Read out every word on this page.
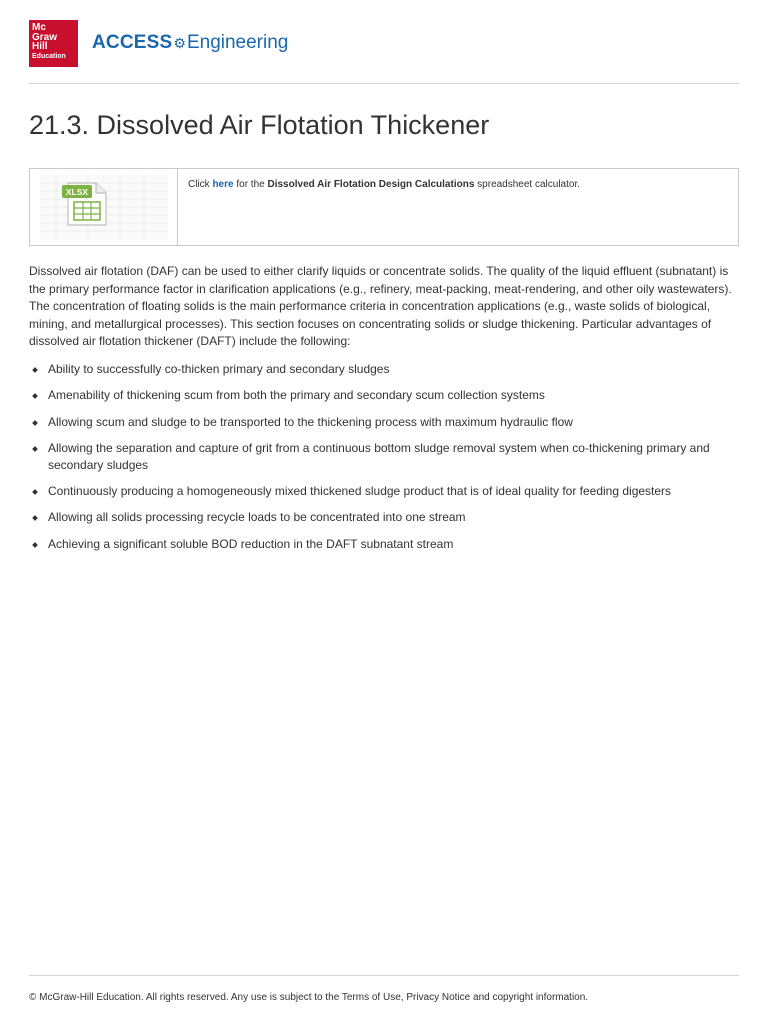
Mc
Graw
Hill
Education
ACCESS⚙Engineering
21.3. Dissolved Air Flotation Thickener
XLSX
Click here for the Dissolved Air Flotation Design Calculations spreadsheet calculator.

Dissolved air flotation (DAF) can be used to either clarify liquids or concentrate solids. The quality of the liquid effluent (subnatant) is the primary performance factor in clarification applications (e.g., refinery, meat-packing, meat-rendering, and other oily wastewaters). The concentration of floating solids is the main performance criteria in concentration applications (e.g., waste solids of biological, mining, and metallurgical processes). This section focuses on concentrating solids or sludge thickening. Particular advantages of dissolved air flotation thickener (DAFT) include the following:

Ability to successfully co-thicken primary and secondary sludges
Amenability of thickening scum from both the primary and secondary scum collection systems
Allowing scum and sludge to be transported to the thickening process with maximum hydraulic flow
Allowing the separation and capture of grit from a continuous bottom sludge removal system when co-thickening primary and secondary sludges
Continuously producing a homogeneously mixed thickened sludge product that is of ideal quality for feeding digesters
Allowing all solids processing recycle loads to be concentrated into one stream
Achieving a significant soluble BOD reduction in the DAFT subnatant stream
© McGraw-Hill Education. All rights reserved. Any use is subject to the Terms of Use, Privacy Notice and copyright information.
